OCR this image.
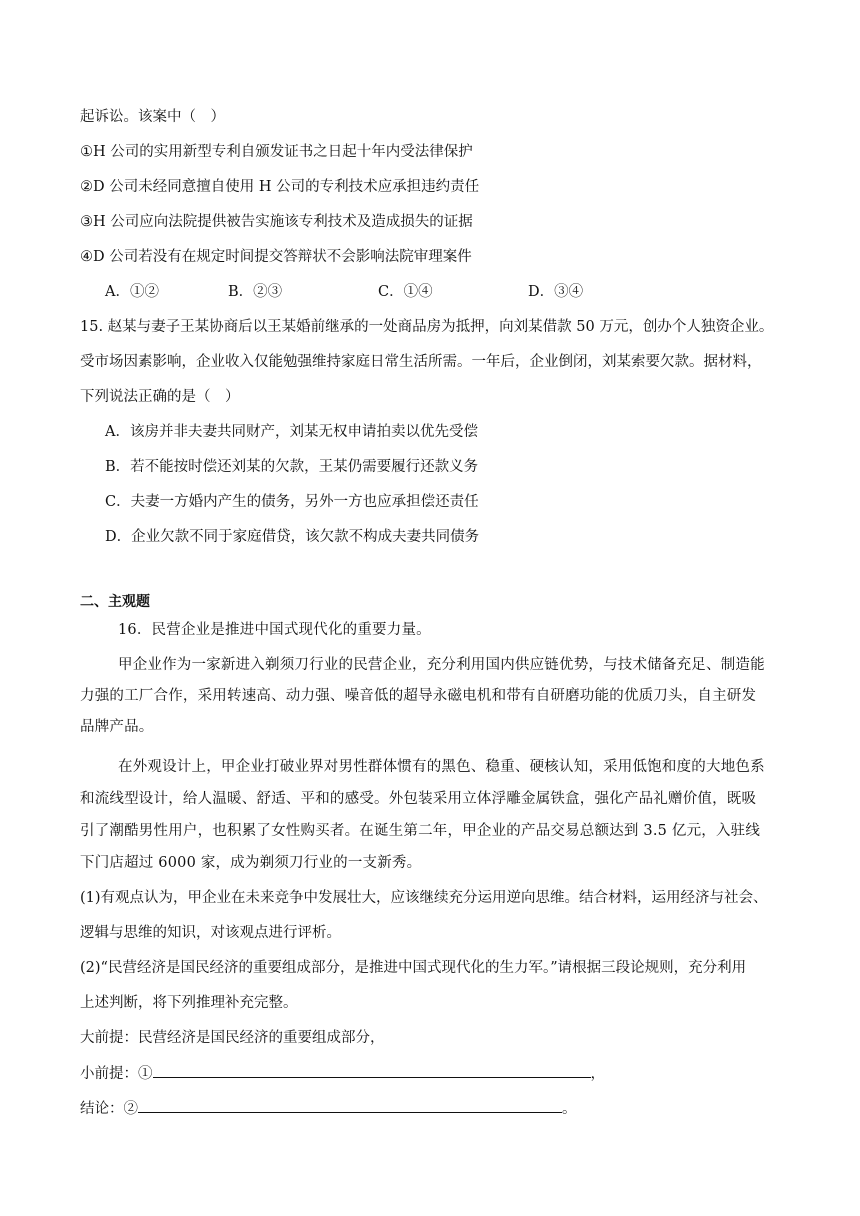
起诉讼。该案中（　）
①H 公司的实用新型专利自颁发证书之日起十年内受法律保护
②D 公司未经同意擅自使用 H 公司的专利技术应承担违约责任
③H 公司应向法院提供被告实施该专利技术及造成损失的证据
④D 公司若没有在规定时间提交答辩状不会影响法院审理案件
A．①②	B．②③	C．①④	D．③④
15. 赵某与妻子王某协商后以王某婚前继承的一处商品房为抵押，向刘某借款 50 万元，创办个人独资企业。
受市场因素影响，企业收入仅能勉强维持家庭日常生活所需。一年后，企业倒闭，刘某索要欠款。据材料，
下列说法正确的是（　）
A．该房并非夫妻共同财产，刘某无权申请拍卖以优先受偿
B．若不能按时偿还刘某的欠款，王某仍需要履行还款义务
C．夫妻一方婚内产生的债务，另外一方也应承担偿还责任
D．企业欠款不同于家庭借贷，该欠款不构成夫妻共同债务
二、主观题
16．民营企业是推进中国式现代化的重要力量。
甲企业作为一家新进入剃须刀行业的民营企业，充分利用国内供应链优势，与技术储备充足、制造能
力强的工厂合作，采用转速高、动力强、噪音低的超导永磁电机和带有自研磨功能的优质刀头，自主研发
品牌产品。
在外观设计上，甲企业打破业界对男性群体惯有的黑色、稳重、硬核认知，采用低饱和度的大地色系
和流线型设计，给人温暖、舒适、平和的感受。外包装采用立体浮雕金属铁盒，强化产品礼赠价值，既吸
引了潮酷男性用户，也积累了女性购买者。在诞生第二年，甲企业的产品交易总额达到 3.5 亿元，入驻线
下门店超过 6000 家，成为剃须刀行业的一支新秀。
(1)有观点认为，甲企业在未来竞争中发展壮大，应该继续充分运用逆向思维。结合材料，运用经济与社会、
逻辑与思维的知识，对该观点进行评析。
(2)“民营经济是国民经济的重要组成部分，是推进中国式现代化的生力军。”请根据三段论规则，充分利用
上述判断，将下列推理补充完整。
大前提：民营经济是国民经济的重要组成部分，
小前提：①	，
结论：②	。
